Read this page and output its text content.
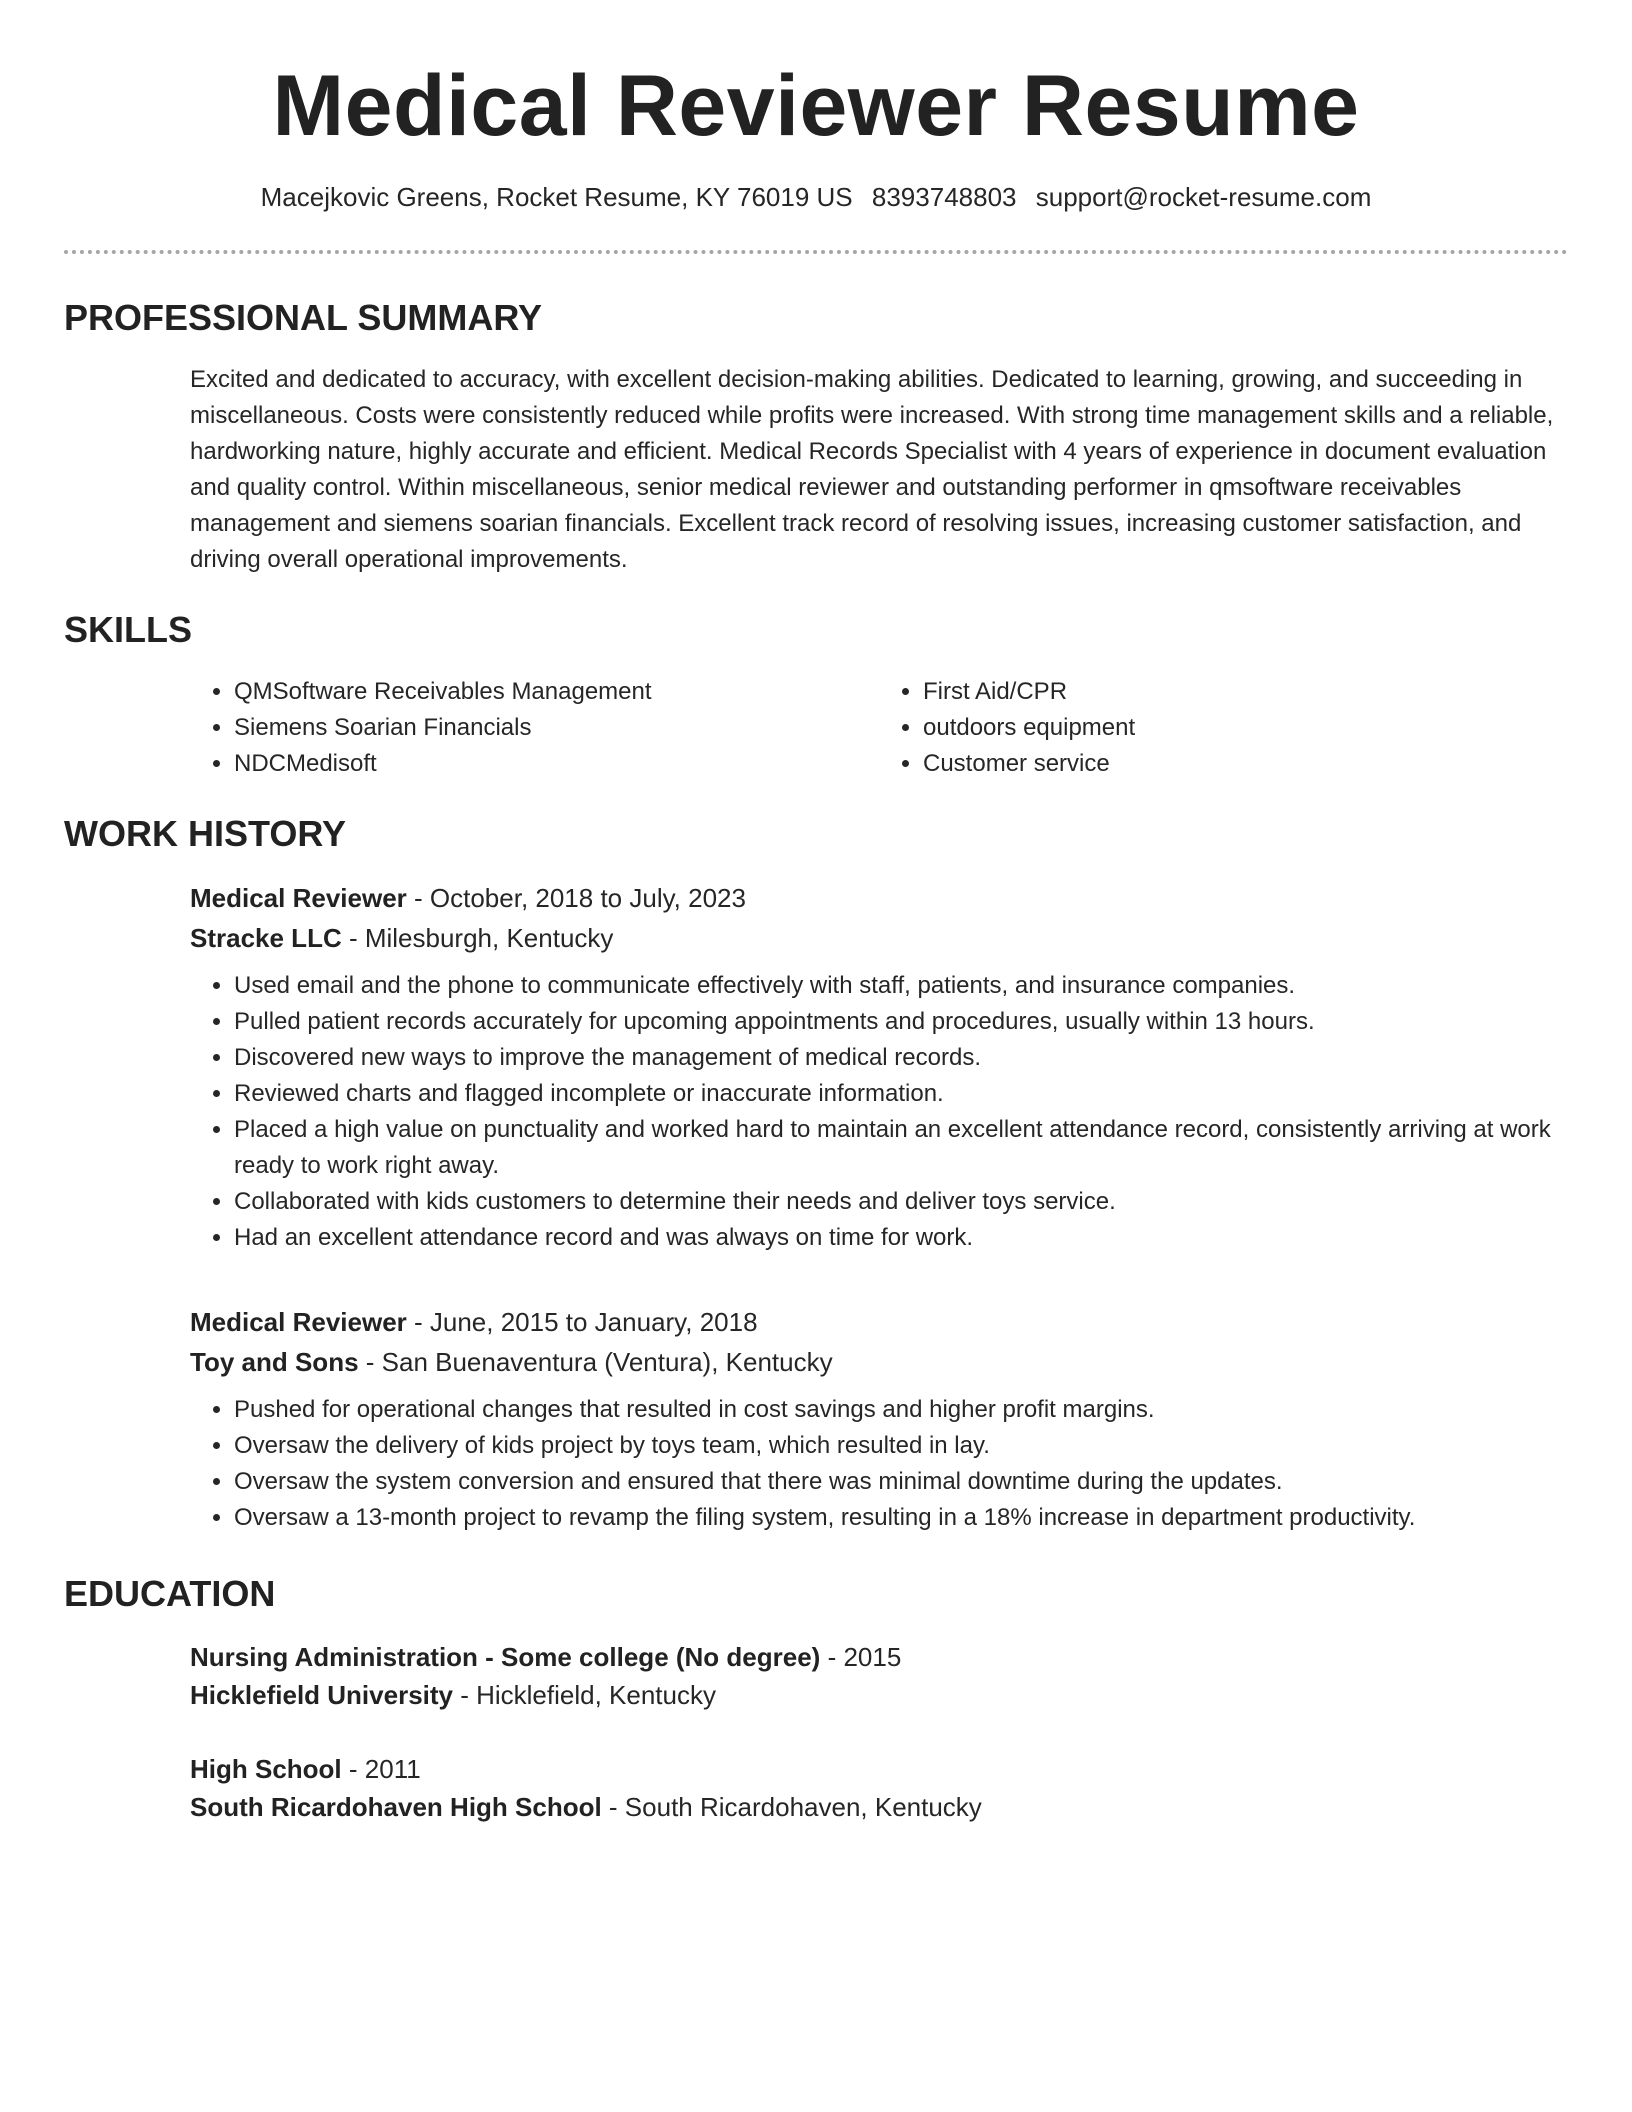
Medical Reviewer Resume
Macejkovic Greens, Rocket Resume, KY 76019 US 8393748803 support@rocket-resume.com
PROFESSIONAL SUMMARY
Excited and dedicated to accuracy, with excellent decision-making abilities. Dedicated to learning, growing, and succeeding in miscellaneous. Costs were consistently reduced while profits were increased. With strong time management skills and a reliable, hardworking nature, highly accurate and efficient. Medical Records Specialist with 4 years of experience in document evaluation and quality control. Within miscellaneous, senior medical reviewer and outstanding performer in qmsoftware receivables management and siemens soarian financials. Excellent track record of resolving issues, increasing customer satisfaction, and driving overall operational improvements.
SKILLS
• QMSoftware Receivables Management
• Siemens Soarian Financials
• NDCMedisoft
• First Aid/CPR
• outdoors equipment
• Customer service
WORK HISTORY
Medical Reviewer - October, 2018 to July, 2023
Stracke LLC - Milesburgh, Kentucky
• Used email and the phone to communicate effectively with staff, patients, and insurance companies.
• Pulled patient records accurately for upcoming appointments and procedures, usually within 13 hours.
• Discovered new ways to improve the management of medical records.
• Reviewed charts and flagged incomplete or inaccurate information.
• Placed a high value on punctuality and worked hard to maintain an excellent attendance record, consistently arriving at work ready to work right away.
• Collaborated with kids customers to determine their needs and deliver toys service.
• Had an excellent attendance record and was always on time for work.
Medical Reviewer - June, 2015 to January, 2018
Toy and Sons - San Buenaventura (Ventura), Kentucky
• Pushed for operational changes that resulted in cost savings and higher profit margins.
• Oversaw the delivery of kids project by toys team, which resulted in lay.
• Oversaw the system conversion and ensured that there was minimal downtime during the updates.
• Oversaw a 13-month project to revamp the filing system, resulting in a 18% increase in department productivity.
EDUCATION
Nursing Administration - Some college (No degree) - 2015
Hicklefield University - Hicklefield, Kentucky
High School - 2011
South Ricardohaven High School - South Ricardohaven, Kentucky
